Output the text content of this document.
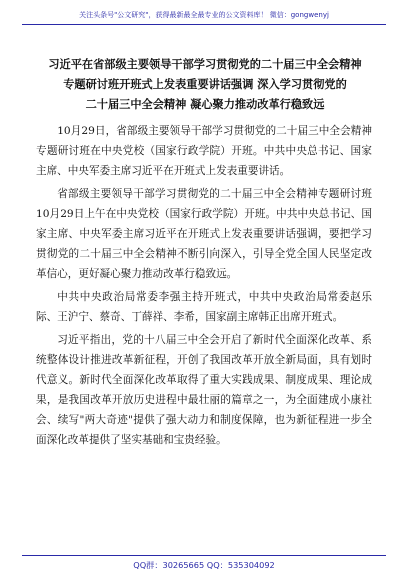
关注头条号"公文研究"，获得最新最全最专业的公文资料库！ 微信：gongwenyj
习近平在省部级主要领导干部学习贯彻党的二十届三中全会精神
专题研讨班开班式上发表重要讲话强调 深入学习贯彻党的
二十届三中全会精神 凝心聚力推动改革行稳致远

10月29日，省部级主要领导干部学习贯彻党的二十届三中全会精神专题研讨班在中央党校（国家行政学院）开班。中共中央总书记、国家主席、中央军委主席习近平在开班式上发表重要讲话。

省部级主要领导干部学习贯彻党的二十届三中全会精神专题研讨班10月29日上午在中央党校（国家行政学院）开班。中共中央总书记、国家主席、中央军委主席习近平在开班式上发表重要讲话强调，要把学习贯彻党的二十届三中全会精神不断引向深入，引导全党全国人民坚定改革信心，更好凝心聚力推动改革行稳致远。

中共中央政治局常委李强主持开班式，中共中央政治局常委赵乐际、王沪宁、蔡奇、丁薛祥、李希，国家副主席韩正出席开班式。

习近平指出，党的十八届三中全会开启了新时代全面深化改革、系统整体设计推进改革新征程，开创了我国改革开放全新局面，具有划时代意义。新时代全面深化改革取得了重大实践成果、制度成果、理论成果，是我国改革开放历史进程中最壮丽的篇章之一，为全面建成小康社会、续写"两大奇迹"提供了强大动力和制度保障，也为新征程进一步全面深化改革提供了坚实基础和宝贵经验。

QQ群：30265665 QQ：535304092
